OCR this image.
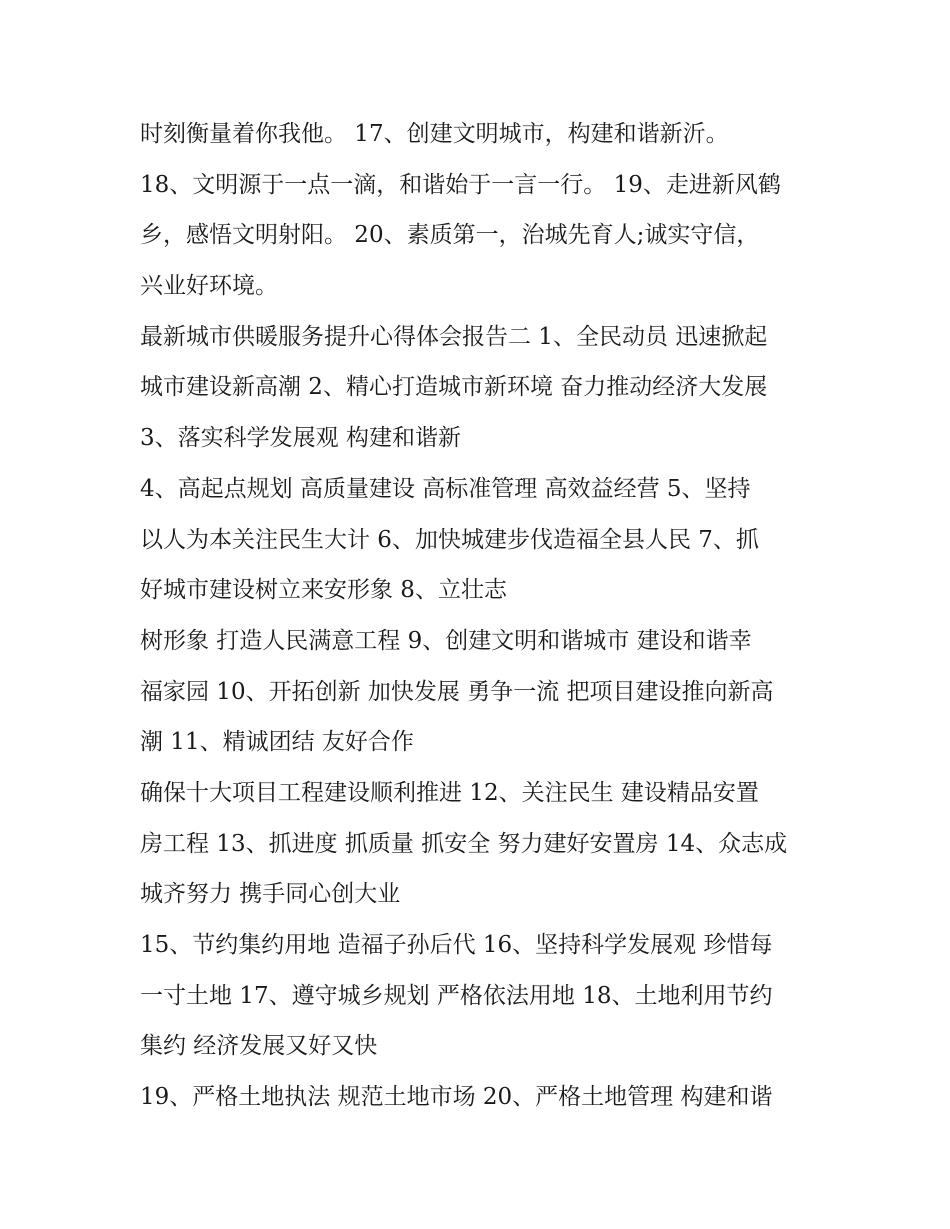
时刻衡量着你我他。 17、创建文明城市，构建和谐新沂。
18、文明源于一点一滴，和谐始于一言一行。 19、走进新风鹤
乡，感悟文明射阳。 20、素质第一，治城先育人;诚实守信，
兴业好环境。
最新城市供暖服务提升心得体会报告二 1、全民动员 迅速掀起
城市建设新高潮 2、精心打造城市新环境 奋力推动经济大发展
3、落实科学发展观 构建和谐新
4、高起点规划 高质量建设 高标准管理 高效益经营 5、坚持
以人为本关注民生大计 6、加快城建步伐造福全县人民 7、抓
好城市建设树立来安形象 8、立壮志
树形象 打造人民满意工程 9、创建文明和谐城市 建设和谐幸
福家园 10、开拓创新 加快发展 勇争一流 把项目建设推向新高
潮 11、精诚团结 友好合作
确保十大项目工程建设顺利推进 12、关注民生 建设精品安置
房工程 13、抓进度 抓质量 抓安全 努力建好安置房 14、众志成
城齐努力 携手同心创大业
15、节约集约用地 造福子孙后代 16、坚持科学发展观 珍惜每
一寸土地 17、遵守城乡规划 严格依法用地 18、土地利用节约
集约 经济发展又好又快
19、严格土地执法 规范土地市场 20、严格土地管理 构建和谐
